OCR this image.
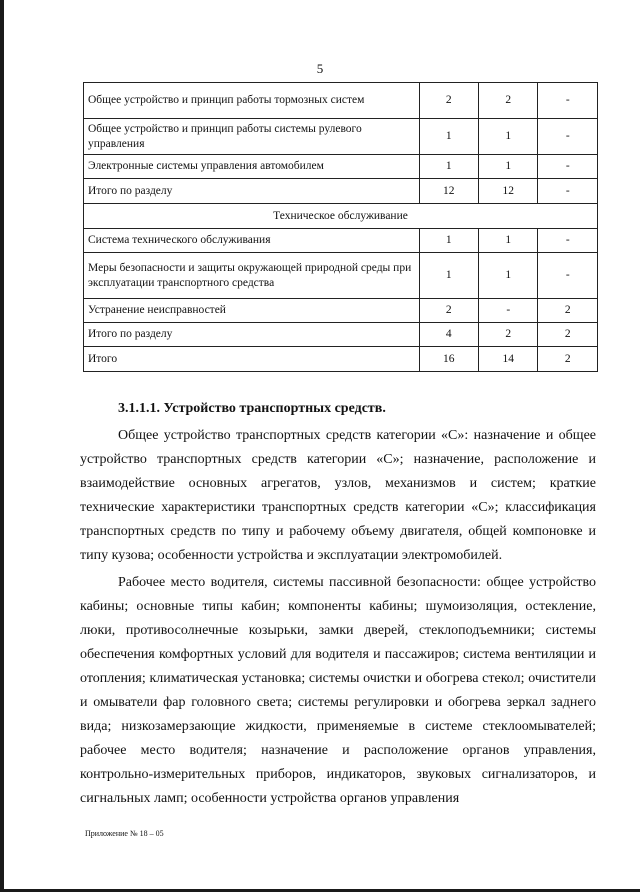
5
Общее устройство и принцип работы тормозных систем	2	2	-
Общее устройство и принцип работы системы рулевого управления	1	1	-
Электронные системы управления автомобилем	1	1	-
Итого по разделу	12	12	-
Техническое обслуживание			
Система технического обслуживания	1	1	-
Меры безопасности и защиты окружающей природной среды при эксплуатации транспортного средства	1	1	-
Устранение неисправностей	2	-	2
Итого по разделу	4	2	2
Итого	16	14	2
3.1.1.1. Устройство транспортных средств.

Общее устройство транспортных средств категории «С»: назначение и общее устройство транспортных средств категории «С»; назначение, расположение и взаимодействие основных агрегатов, узлов, механизмов и систем; краткие технические характеристики транспортных средств категории «С»; классификация транспортных средств по типу и рабочему объему двигателя, общей компоновке и типу кузова; особенности устройства и эксплуатации электромобилей.

Рабочее место водителя, системы пассивной безопасности: общее устройство кабины; основные типы кабин; компоненты кабины; шумоизоляция, остекление, люки, противосолнечные козырьки, замки дверей, стеклоподъемники; системы обеспечения комфортных условий для водителя и пассажиров; система вентиляции и отопления; климатическая установка; системы очистки и обогрева стекол; очистители и омыватели фар головного света; системы регулировки и обогрева зеркал заднего вида; низкозамерзающие жидкости, применяемые в системе стеклоомывателей; рабочее место водителя; назначение и расположение органов управления, контрольно-измерительных приборов, индикаторов, звуковых сигнализаторов, и сигнальных ламп; особенности устройства органов управления

Приложение № 18 – 05
